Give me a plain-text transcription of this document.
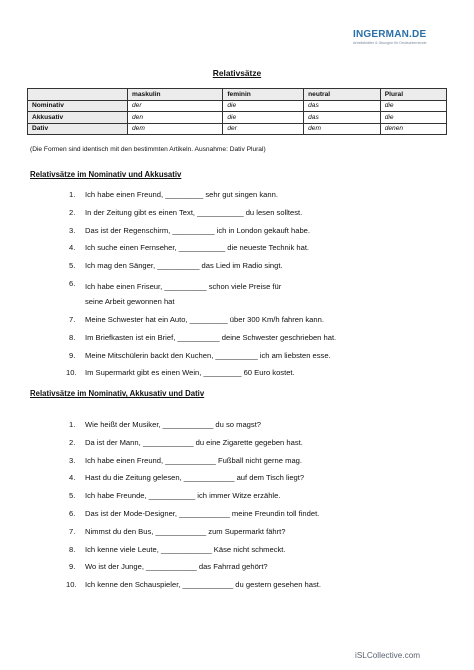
INGERMAN.DE
Arbeitsblätter & Übungen für Deutschlernende
Relativsätze
	maskulin	feminin	neutral	Plural
Nominativ	der	die	das	die
Akkusativ	den	die	das	die
Dativ	dem	der	dem	denen
(Die Formen sind identisch mit den bestimmten Artikeln. Ausnahme: Dativ Plural)
Relativsätze im Nominativ und Akkusativ
1. Ich habe einen Freund, _________ sehr gut singen kann.
2. In der Zeitung gibt es einen Text, ___________ du lesen solltest.
3. Das ist der Regenschirm, __________ ich in London gekauft habe.
4. Ich suche einen Fernseher, ___________ die neueste Technik hat.
5. Ich mag den Sänger, __________ das Lied im Radio singt.
6. Ich habe einen Friseur, __________ schon viele Preise für seine Arbeit gewonnen hat
7. Meine Schwester hat ein Auto, _________ über 300 Km/h fahren kann.
8. Im Briefkasten ist ein Brief, __________ deine Schwester geschrieben hat.
9. Meine Mitschülerin backt den Kuchen, __________ ich am liebsten esse.
10. Im Supermarkt gibt es einen Wein, _________ 60 Euro kostet.
Relativsätze im Nominativ, Akkusativ und Dativ
1. Wie heißt der Musiker, ____________ du so magst?
2. Da ist der Mann, ____________ du eine Zigarette gegeben hast.
3. Ich habe einen Freund, ____________ Fußball nicht gerne mag.
4. Hast du die Zeitung gelesen, ____________ auf dem Tisch liegt?
5. Ich habe Freunde, ___________ ich immer Witze erzähle.
6. Das ist der Mode-Designer, ____________ meine Freundin toll findet.
7. Nimmst du den Bus, ____________ zum Supermarkt fährt?
8. Ich kenne viele Leute, ____________ Käse nicht schmeckt.
9. Wo ist der Junge, ____________ das Fahrrad gehört?
10. Ich kenne den Schauspieler, ____________ du gestern gesehen hast.
iSLCollective.com
